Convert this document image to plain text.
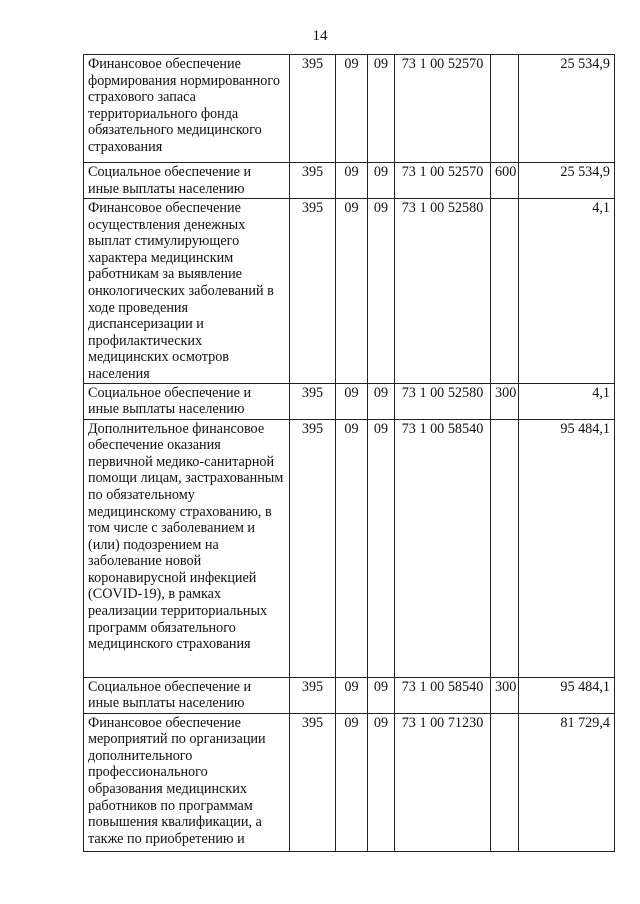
14
Финансовое обеспечение формирования нормированного страхового запаса территориального фонда обязательного медицинского страхования	395	09	09	73 1 00 52570		25 534,9
Социальное обеспечение и иные выплаты населению	395	09	09	73 1 00 52570	600	25 534,9
Финансовое обеспечение осуществления денежных выплат стимулирующего характера медицинским работникам за выявление онкологических заболеваний в ходе проведения диспансеризации и профилактических медицинских осмотров населения	395	09	09	73 1 00 52580		4,1
Социальное обеспечение и иные выплаты населению	395	09	09	73 1 00 52580	300	4,1
Дополнительное финансовое обеспечение оказания первичной медико-санитарной помощи лицам, застрахованным по обязательному медицинскому страхованию, в том числе с заболеванием и (или) подозрением на заболевание новой коронавирусной инфекцией (COVID-19), в рамках реализации территориальных программ обязательного медицинского страхования	395	09	09	73 1 00 58540		95 484,1
Социальное обеспечение и иные выплаты населению	395	09	09	73 1 00 58540	300	95 484,1
Финансовое обеспечение мероприятий по организации дополнительного профессионального образования медицинских работников по программам повышения квалификации, а также по приобретению и	395	09	09	73 1 00 71230		81 729,4
